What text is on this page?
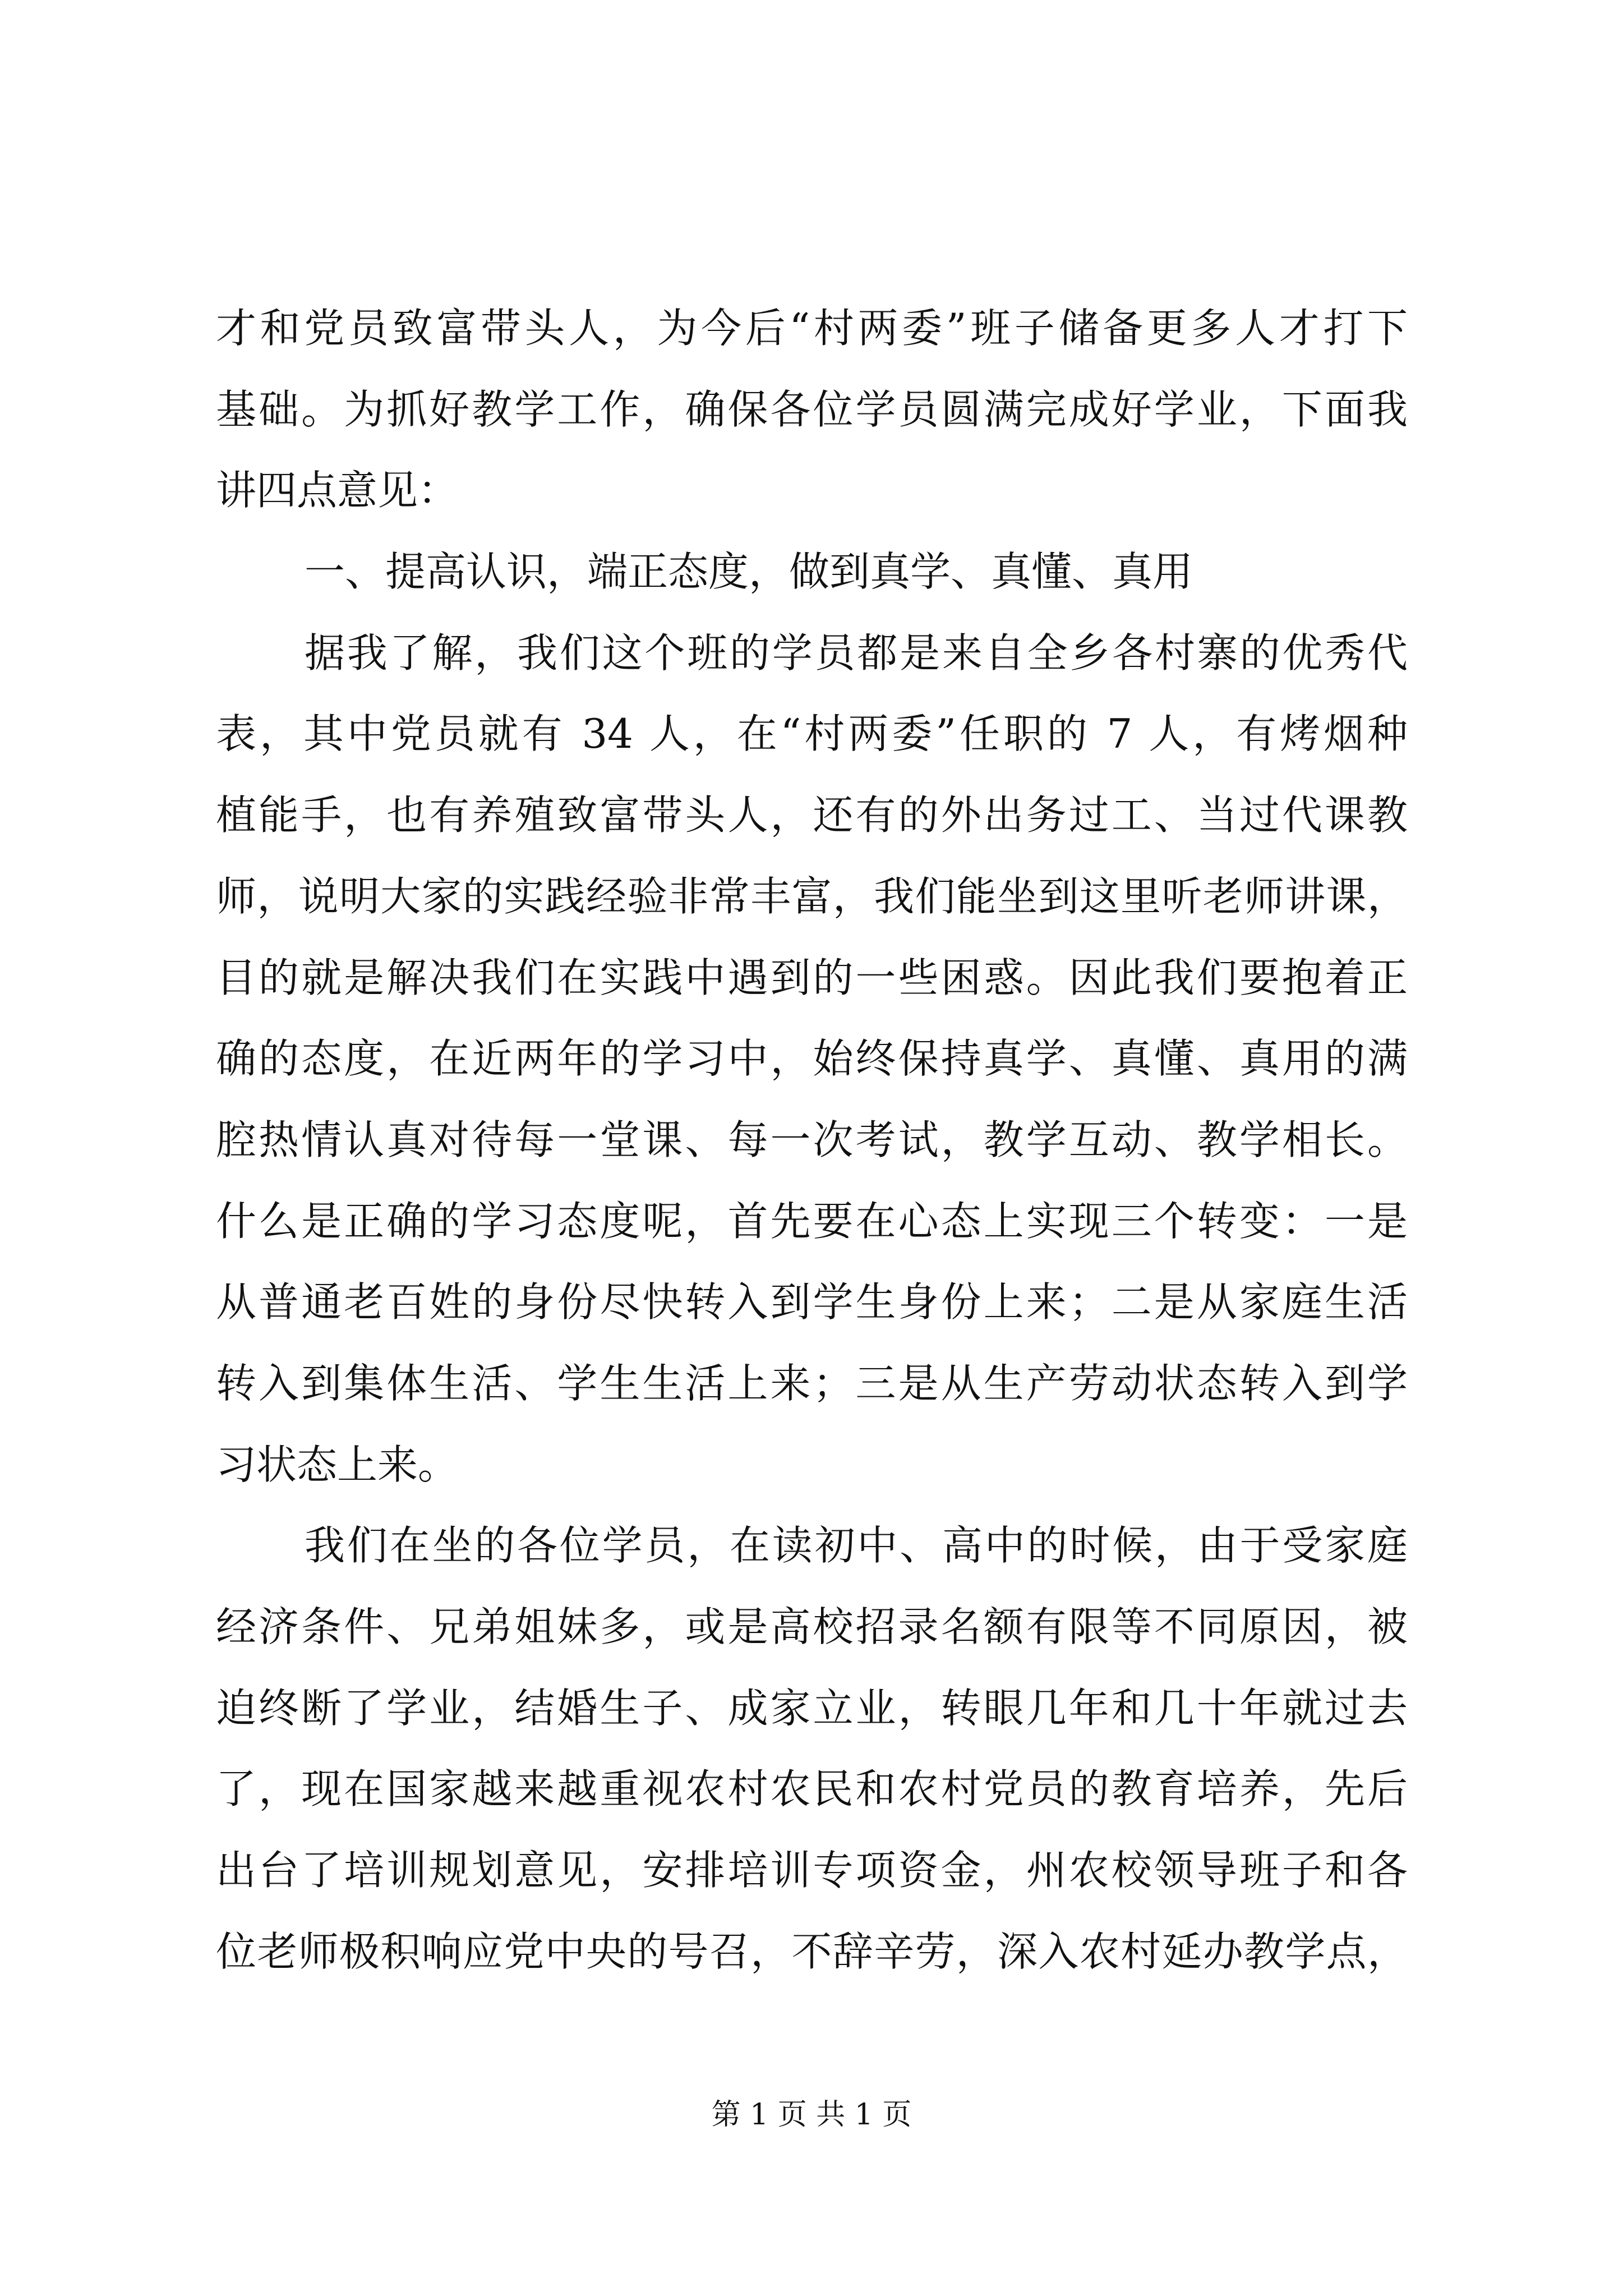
才和党员致富带头人，为今后“村两委”班子储备更多人才打下
基础。为抓好教学工作，确保各位学员圆满完成好学业，下面我
讲四点意见：
一、提高认识，端正态度，做到真学、真懂、真用
据我了解，我们这个班的学员都是来自全乡各村寨的优秀代
表，其中党员就有 34 人，在“村两委”任职的 7 人，有烤烟种
植能手，也有养殖致富带头人，还有的外出务过工、当过代课教
师，说明大家的实践经验非常丰富，我们能坐到这里听老师讲课，
目的就是解决我们在实践中遇到的一些困惑。因此我们要抱着正
确的态度，在近两年的学习中，始终保持真学、真懂、真用的满
腔热情认真对待每一堂课、每一次考试，教学互动、教学相长。
什么是正确的学习态度呢，首先要在心态上实现三个转变：一是
从普通老百姓的身份尽快转入到学生身份上来；二是从家庭生活
转入到集体生活、学生生活上来；三是从生产劳动状态转入到学
习状态上来。
我们在坐的各位学员，在读初中、高中的时候，由于受家庭
经济条件、兄弟姐妹多，或是高校招录名额有限等不同原因，被
迫终断了学业，结婚生子、成家立业，转眼几年和几十年就过去
了，现在国家越来越重视农村农民和农村党员的教育培养，先后
出台了培训规划意见，安排培训专项资金，州农校领导班子和各
位老师极积响应党中央的号召，不辞辛劳，深入农村延办教学点，
第 1 页 共 1 页
